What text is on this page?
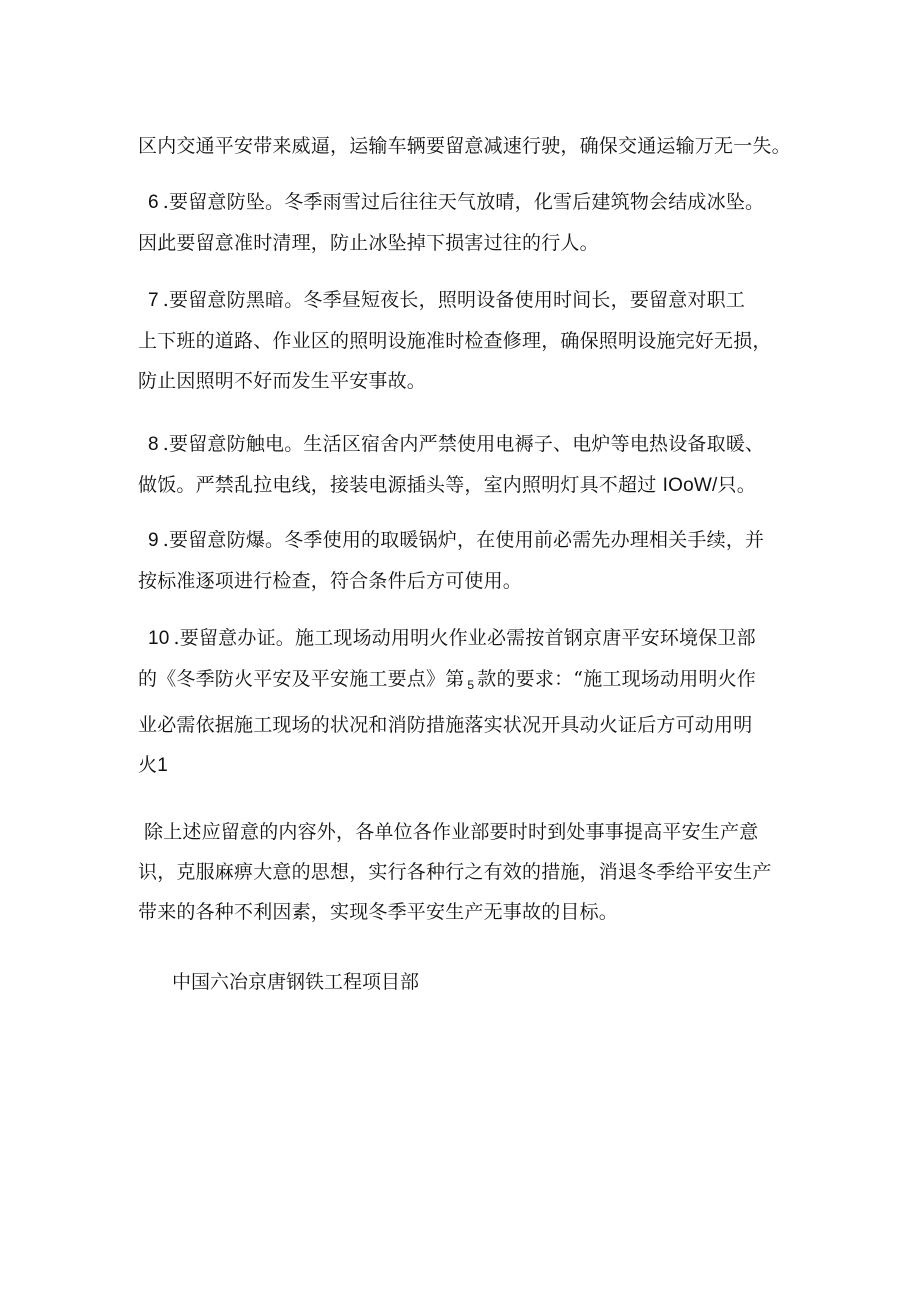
区内交通平安带来威逼，运输车辆要留意减速行驶，确保交通运输万无一失。

6 .要留意防坠。冬季雨雪过后往往天气放晴，化雪后建筑物会结成冰坠。
因此要留意准时清理，防止冰坠掉下损害过往的行人。

7 .要留意防黑暗。冬季昼短夜长，照明设备使用时间长，要留意对职工
上下班的道路、作业区的照明设施准时检查修理，确保照明设施完好无损，
防止因照明不好而发生平安事故。

8 .要留意防触电。生活区宿舍内严禁使用电褥子、电炉等电热设备取暖、
做饭。严禁乱拉电线，接装电源插头等，室内照明灯具不超过 IOoW/只。

9 .要留意防爆。冬季使用的取暖锅炉，在使用前必需先办理相关手续，并
按标准逐项进行检查，符合条件后方可使用。

10 .要留意办证。施工现场动用明火作业必需按首钢京唐平安环境保卫部
的《冬季防火平安及平安施工要点》第 $_5$ 款的要求：“施工现场动用明火作
业必需依据施工现场的状况和消防措施落实状况开具动火证后方可动用明
火1

除上述应留意的内容外，各单位各作业部要时时到处事事提高平安生产意
识，克服麻痹大意的思想，实行各种行之有效的措施，消退冬季给平安生产
带来的各种不利因素，实现冬季平安生产无事故的目标。

中国六冶京唐钢铁工程项目部
